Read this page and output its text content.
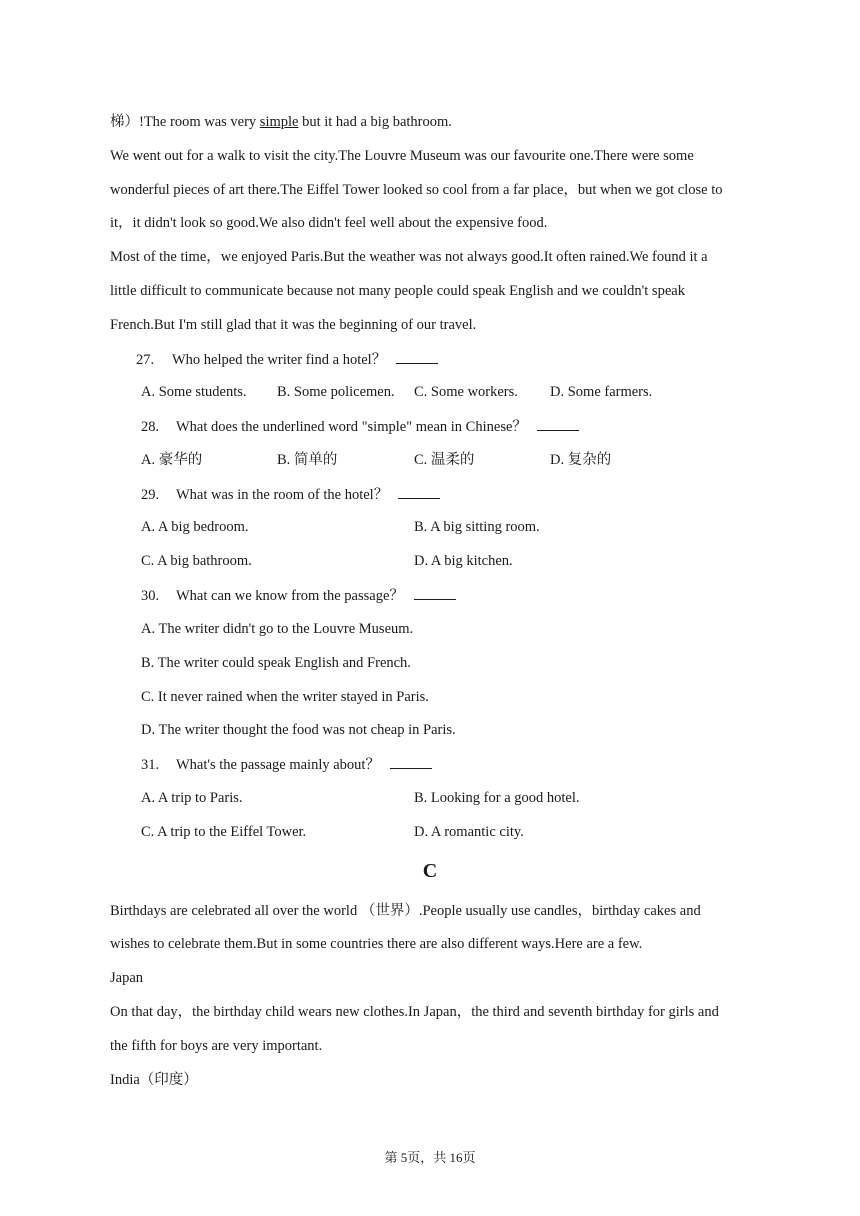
梯）!The room was very simple but it had a big bathroom.
We went out for a walk to visit the city.The Louvre Museum was our favourite one.There were some
wonderful pieces of art there.The Eiffel Tower looked so cool from a far place，but when we got close to
it，it didn't look so good.We also didn't feel well about the expensive food.
Most of the time，we enjoyed Paris.But the weather was not always good.It often rained.We found it a
little difficult to communicate because not many people could speak English and we couldn't speak
French.But I'm still glad that it was the beginning of our travel.
27. Who helped the writer find a hotel？
A. Some students. B. Some policemen. C. Some workers. D. Some farmers.
28. What does the underlined word "simple" mean in Chinese？
A. 豪华的	B. 简单的	C. 温柔的	D. 复杂的
29. What was in the room of the hotel？
A. A big bedroom.	B. A big sitting room.
C. A big bathroom.	D. A big kitchen.
30. What can we know from the passage？
A. The writer didn't go to the Louvre Museum.
B. The writer could speak English and French.
C. It never rained when the writer stayed in Paris.
D. The writer thought the food was not cheap in Paris.
31. What's the passage mainly about？
A. A trip to Paris.	B. Looking for a good hotel.
C. A trip to the Eiffel Tower.	D. A romantic city.
C
Birthdays are celebrated all over the world （世界）.People usually use candles，birthday cakes and
wishes to celebrate them.But in some countries there are also different ways.Here are a few.
Japan
On that day，the birthday child wears new clothes.In Japan，the third and seventh birthday for girls and
the fifth for boys are very important.
India（印度）
第 5页，共 16页
